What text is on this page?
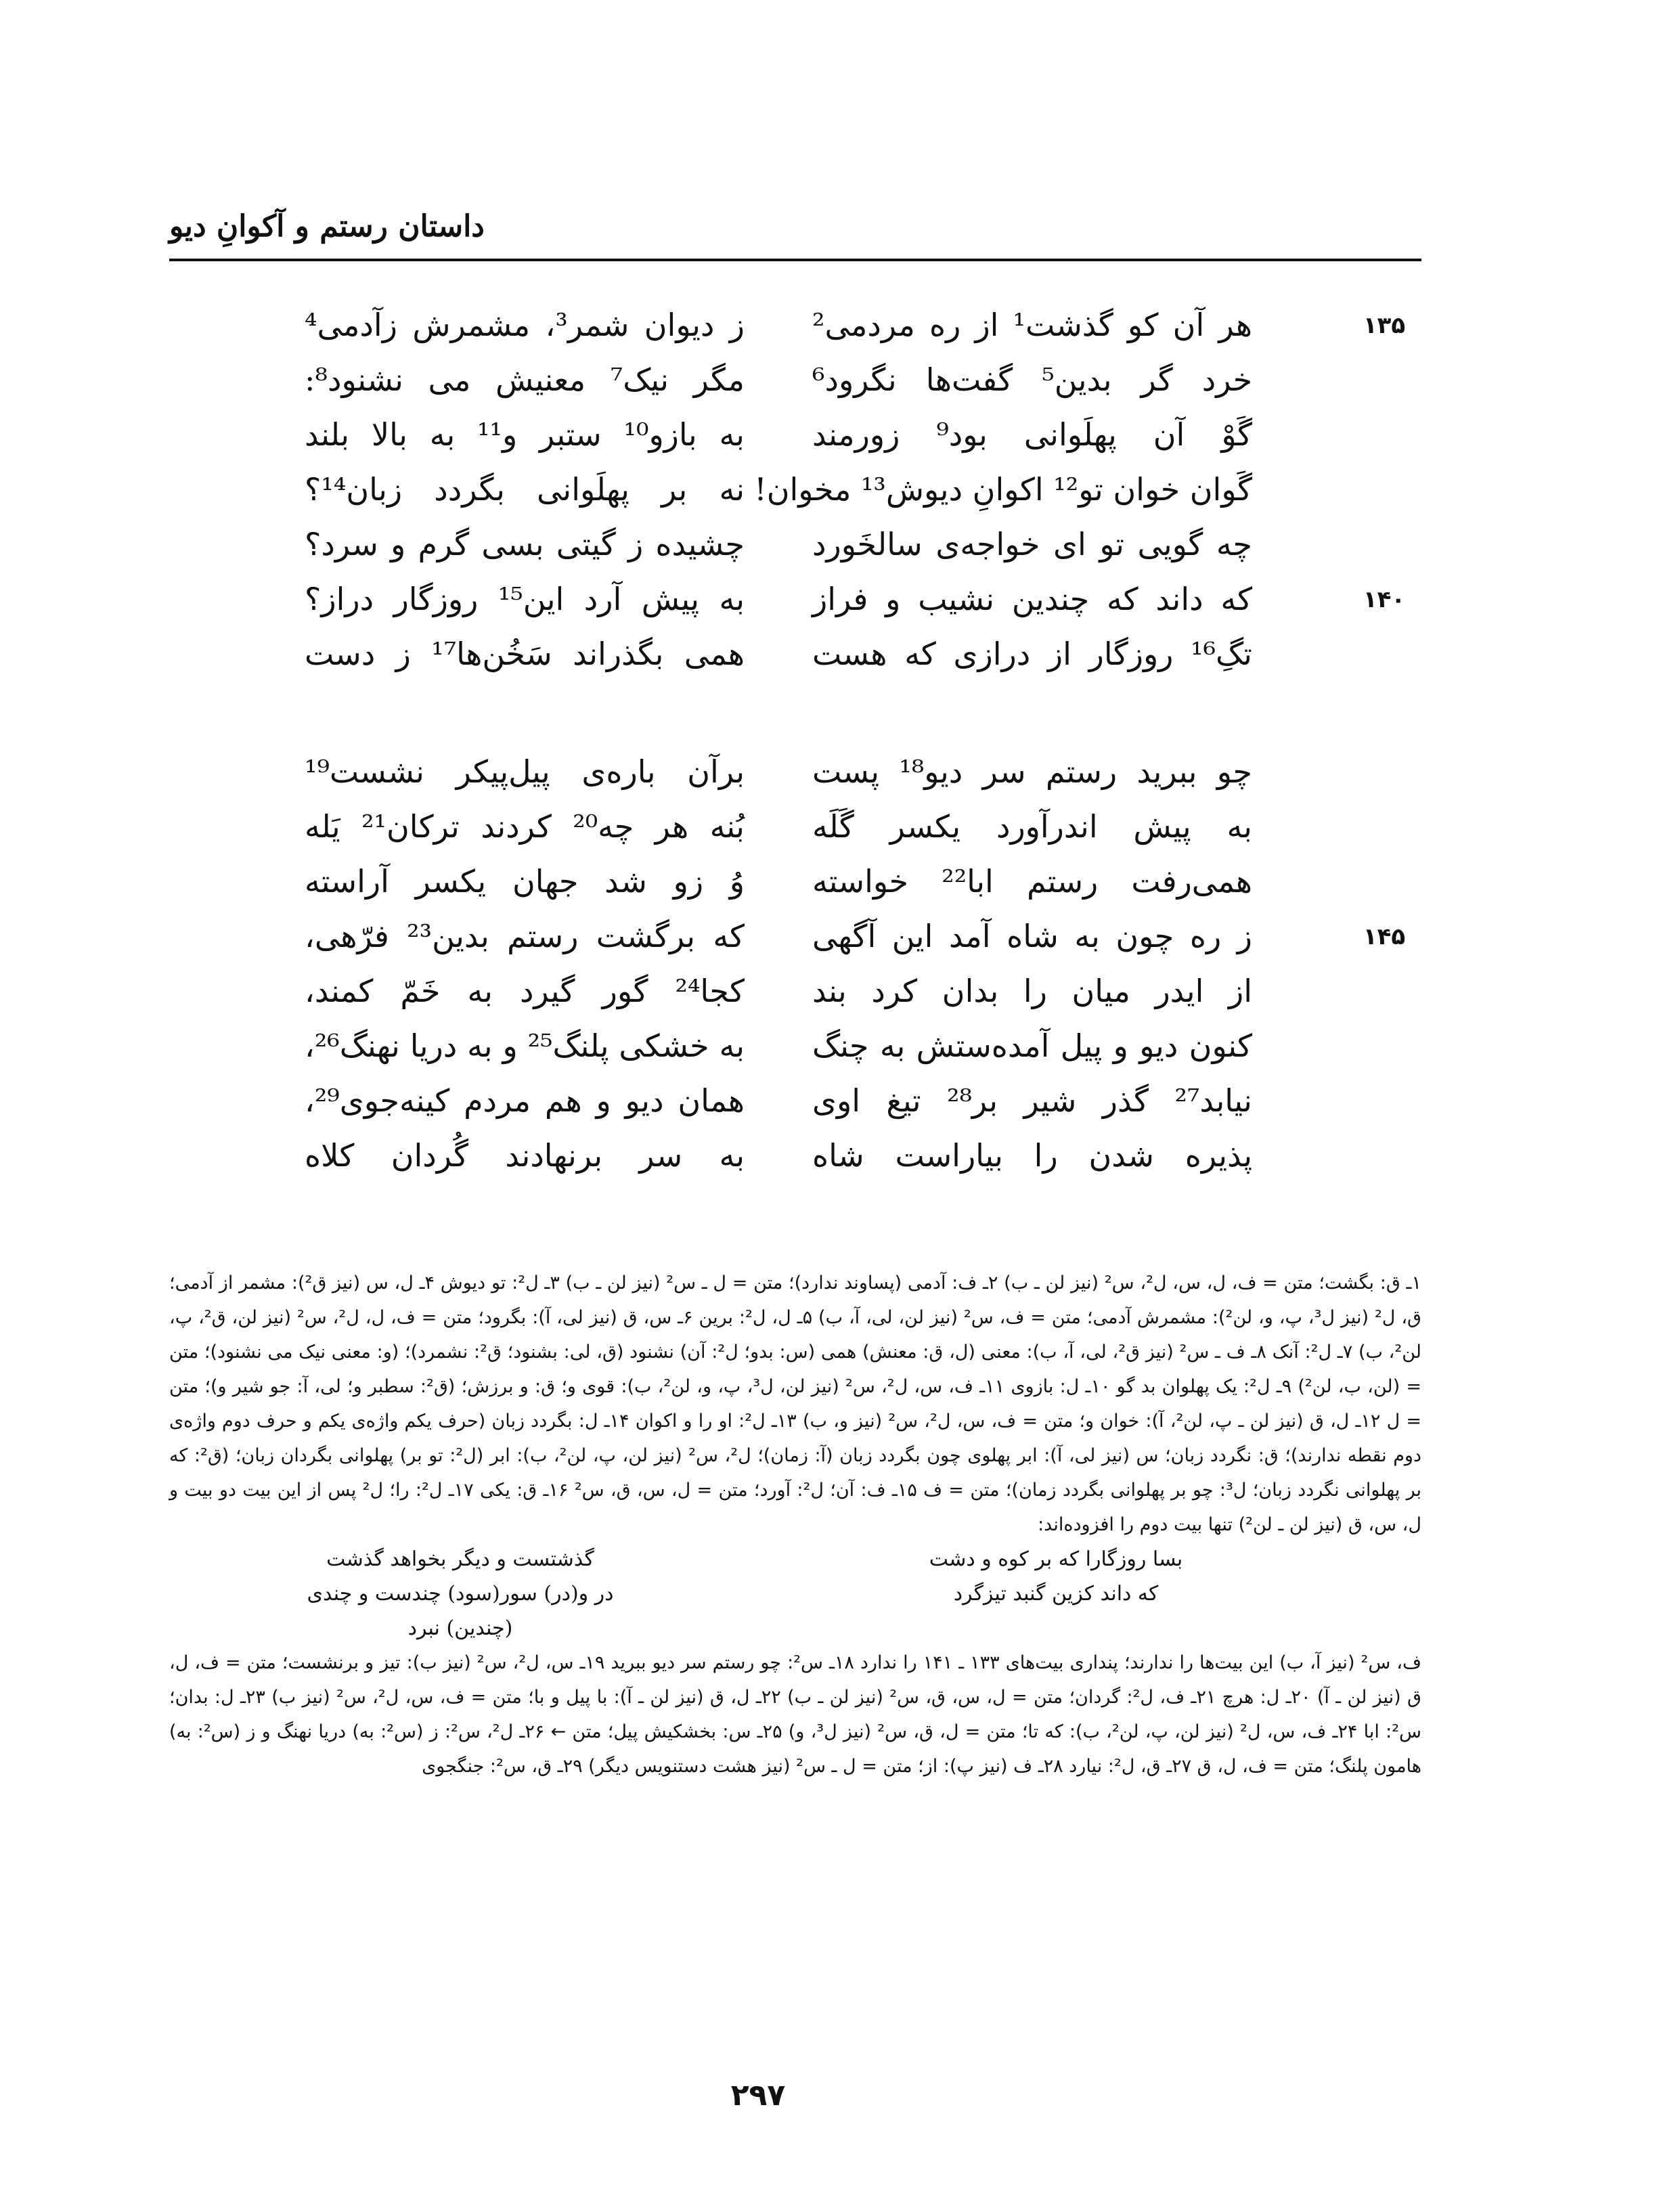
داستان رستم و آکوانِ دیو
۱۳۵
هر آن کو گذشت¹ از ره مردمی²
ز دیوان شمر³، مشمرش زآدمی⁴
خرد گر بدین⁵ گفت‌ها نگرود⁶
مگر نیک⁷ معنیش می نشنود⁸:
گَوْ آن پهلَوانی بود⁹ زورمند
به بازو¹⁰ ستبر و¹¹ به بالا بلند
گَوان خوان تو¹² اکوانِ دیوش¹³ مخوان!
نه بر پهلَوانی بگردد زبان¹⁴؟
چه گویی تو ای خواجه‌ی سالخَورد
چشیده ز گیتی بسی گرم و سرد؟
۱۴۰
که داند که چندین نشیب و فراز
به پیش آرد این¹⁵ روزگار دراز؟
تگِ¹⁶ روزگار از درازی که هست
همی بگذراند سَخُن‌ها¹⁷ ز دست
چو ببرید رستم سر دیو¹⁸ پست
برآن باره‌ی پیل‌پیکر نشست¹⁹
به پیش اندرآورد یکسر گَلَه
بُنه هر چه²⁰ کردند ترکان²¹ یَله
همی‌رفت رستم ابا²² خواسته
وُ زو شد جهان یکسر آراسته
۱۴۵
ز ره چون به شاه آمد این آگهی
که برگشت رستم بدین²³ فرّهی،
از ایدر میان را بدان کرد بند
کجا²⁴ گور گیرد به خَمّ کمند،
کنون دیو و پیل آمده‌ستش به چنگ
به خشکی پلنگ²⁵ و به دریا نهنگ²⁶،
نیابد²⁷ گذر شیر بر²⁸ تیغ اوی
همان دیو و هم مردم کینه‌جوی²⁹،
پذیره شدن را بیاراست شاه
به سر برنهادند گُردان کلاه

۱ـ ق: بگشت؛ متن = ف، ل، س، ل²، س² (نیز لن ـ ب) ۲ـ ف: آدمی (پساوند ندارد)؛ متن = ل ـ س² (نیز لن ـ ب) ۳ـ ل²: تو دیوش ۴ـ ل، س (نیز ق²): مشمر از آدمی؛ ق، ل² (نیز ل³، پ، و، لن²): مشمرش آدمی؛ متن = ف، س² (نیز لن، لی، آ، ب) ۵ـ ل، ل²: برین ۶ـ س، ق (نیز لی، آ): بگرود؛ متن = ف، ل، ل²، س² (نیز لن، ق²، پ، لن²، ب) ۷ـ ل²: آنک ۸ـ ف ـ س² (نیز ق²، لی، آ، ب): معنی (ل، ق: معنش) همی (س: بدو؛ ل²: آن) نشنود (ق، لی: بشنود؛ ق²: نشمرد)؛ (و: معنی نیک می نشنود)؛ متن = (لن، ب، لن²) ۹ـ ل²: یک پهلوان بد گو ۱۰ـ ل: بازوی ۱۱ـ ف، س، ل²، س² (نیز لن، ل³، پ، و، لن²، ب): قوی و؛ ق: و برزش؛ (ق²: سطبر و؛ لی، آ: جو شیر و)؛ متن = ل ۱۲ـ ل، ق (نیز لن ـ پ، لن²، آ): خوان و؛ متن = ف، س، ل²، س² (نیز و، ب) ۱۳ـ ل²: او را و اکوان ۱۴ـ ل: بگردد زبان (حرف یکم واژه‌ی یکم و حرف دوم واژه‌ی دوم نقطه ندارند)؛ ق: نگردد زبان؛ س (نیز لی، آ): ابر پهلوی چون بگردد زبان (آ: زمان)؛ ل²، س² (نیز لن، پ، لن²، ب): ابر (ل²: تو بر) پهلوانی بگردان زبان؛ (ق²: که بر پهلوانی نگردد زبان؛ ل³: چو بر پهلوانی بگردد زمان)؛ متن = ف ۱۵ـ ف: آن؛ ل²: آورد؛ متن = ل، س، ق، س² ۱۶ـ ق: یکی ۱۷ـ ل²: را؛ ل² پس از این بیت دو بیت و ل، س، ق (نیز لن ـ لن²) تنها بیت دوم را افزوده‌اند:

بسا روزگارا که بر کوه و دشت
گذشتست و دیگر بخواهد گذشت
که داند کزین گنبد تیزگرد
در و(در) سور(سود) چندست و چندی (چندین) نبرد

ف، س² (نیز آ، ب) این بیت‌ها را ندارند؛ پنداری بیت‌های ۱۳۳ ـ ۱۴۱ را ندارد ۱۸ـ س²: چو رستم سر دیو ببرید ۱۹ـ س، ل²، س² (نیز ب): تیز و برنشست؛ متن = ف، ل، ق (نیز لن ـ آ) ۲۰ـ ل: هرچ ۲۱ـ ف، ل²: گردان؛ متن = ل، س، ق، س² (نیز لن ـ ب) ۲۲ـ ل، ق (نیز لن ـ آ): با پیل و با؛ متن = ف، س، ل²، س² (نیز ب) ۲۳ـ ل: بدان؛ س²: ابا ۲۴ـ ف، س، ل² (نیز لن، پ، لن²، ب): که تا؛ متن = ل، ق، س² (نیز ل³، و) ۲۵ـ س: بخشکیش پیل؛ متن ← ۲۶ـ ل²، س²: ز (س²: به) دریا نهنگ و ز (س²: به) هامون پلنگ؛ متن = ف، ل، ق ۲۷ـ ق، ل²: نیارد ۲۸ـ ف (نیز پ): از؛ متن = ل ـ س² (نیز هشت دستنویس دیگر) ۲۹ـ ق، س²: جنگجوی

۲۹۷
